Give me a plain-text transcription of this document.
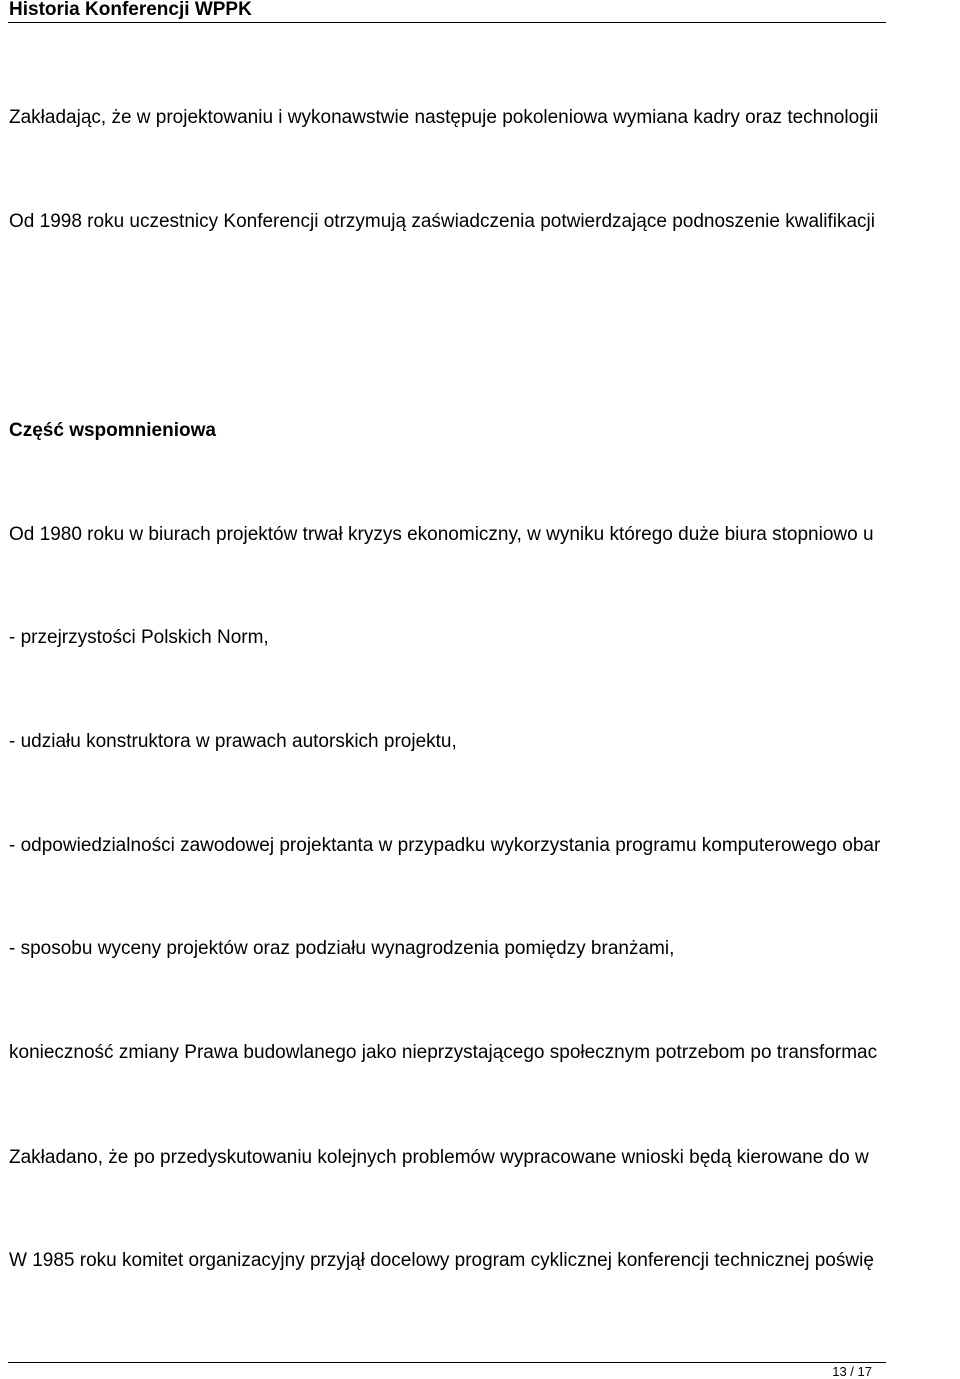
Historia Konferencji WPPK
Zakładając, że w projektowaniu i wykonawstwie następuje pokoleniowa wymiana kadry oraz technologii
Od 1998 roku uczestnicy Konferencji otrzymują zaświadczenia potwierdzające podnoszenie kwalifikacji
Część wspomnieniowa
Od 1980 roku w biurach projektów trwał kryzys ekonomiczny, w wyniku którego duże biura stopniowo u
- przejrzystości Polskich Norm,
- udziału konstruktora w prawach autorskich projektu,
- odpowiedzialności zawodowej projektanta w przypadku wykorzystania programu komputerowego obar
- sposobu wyceny projektów oraz podziału wynagrodzenia pomiędzy branżami,
konieczność zmiany Prawa budowlanego jako nieprzystającego społecznym potrzebom po transformac
Zakładano, że po przedyskutowaniu kolejnych problemów wypracowane wnioski będą kierowane do w
W 1985 roku komitet organizacyjny przyjął docelowy program cyklicznej konferencji technicznej poświę
13 / 17
